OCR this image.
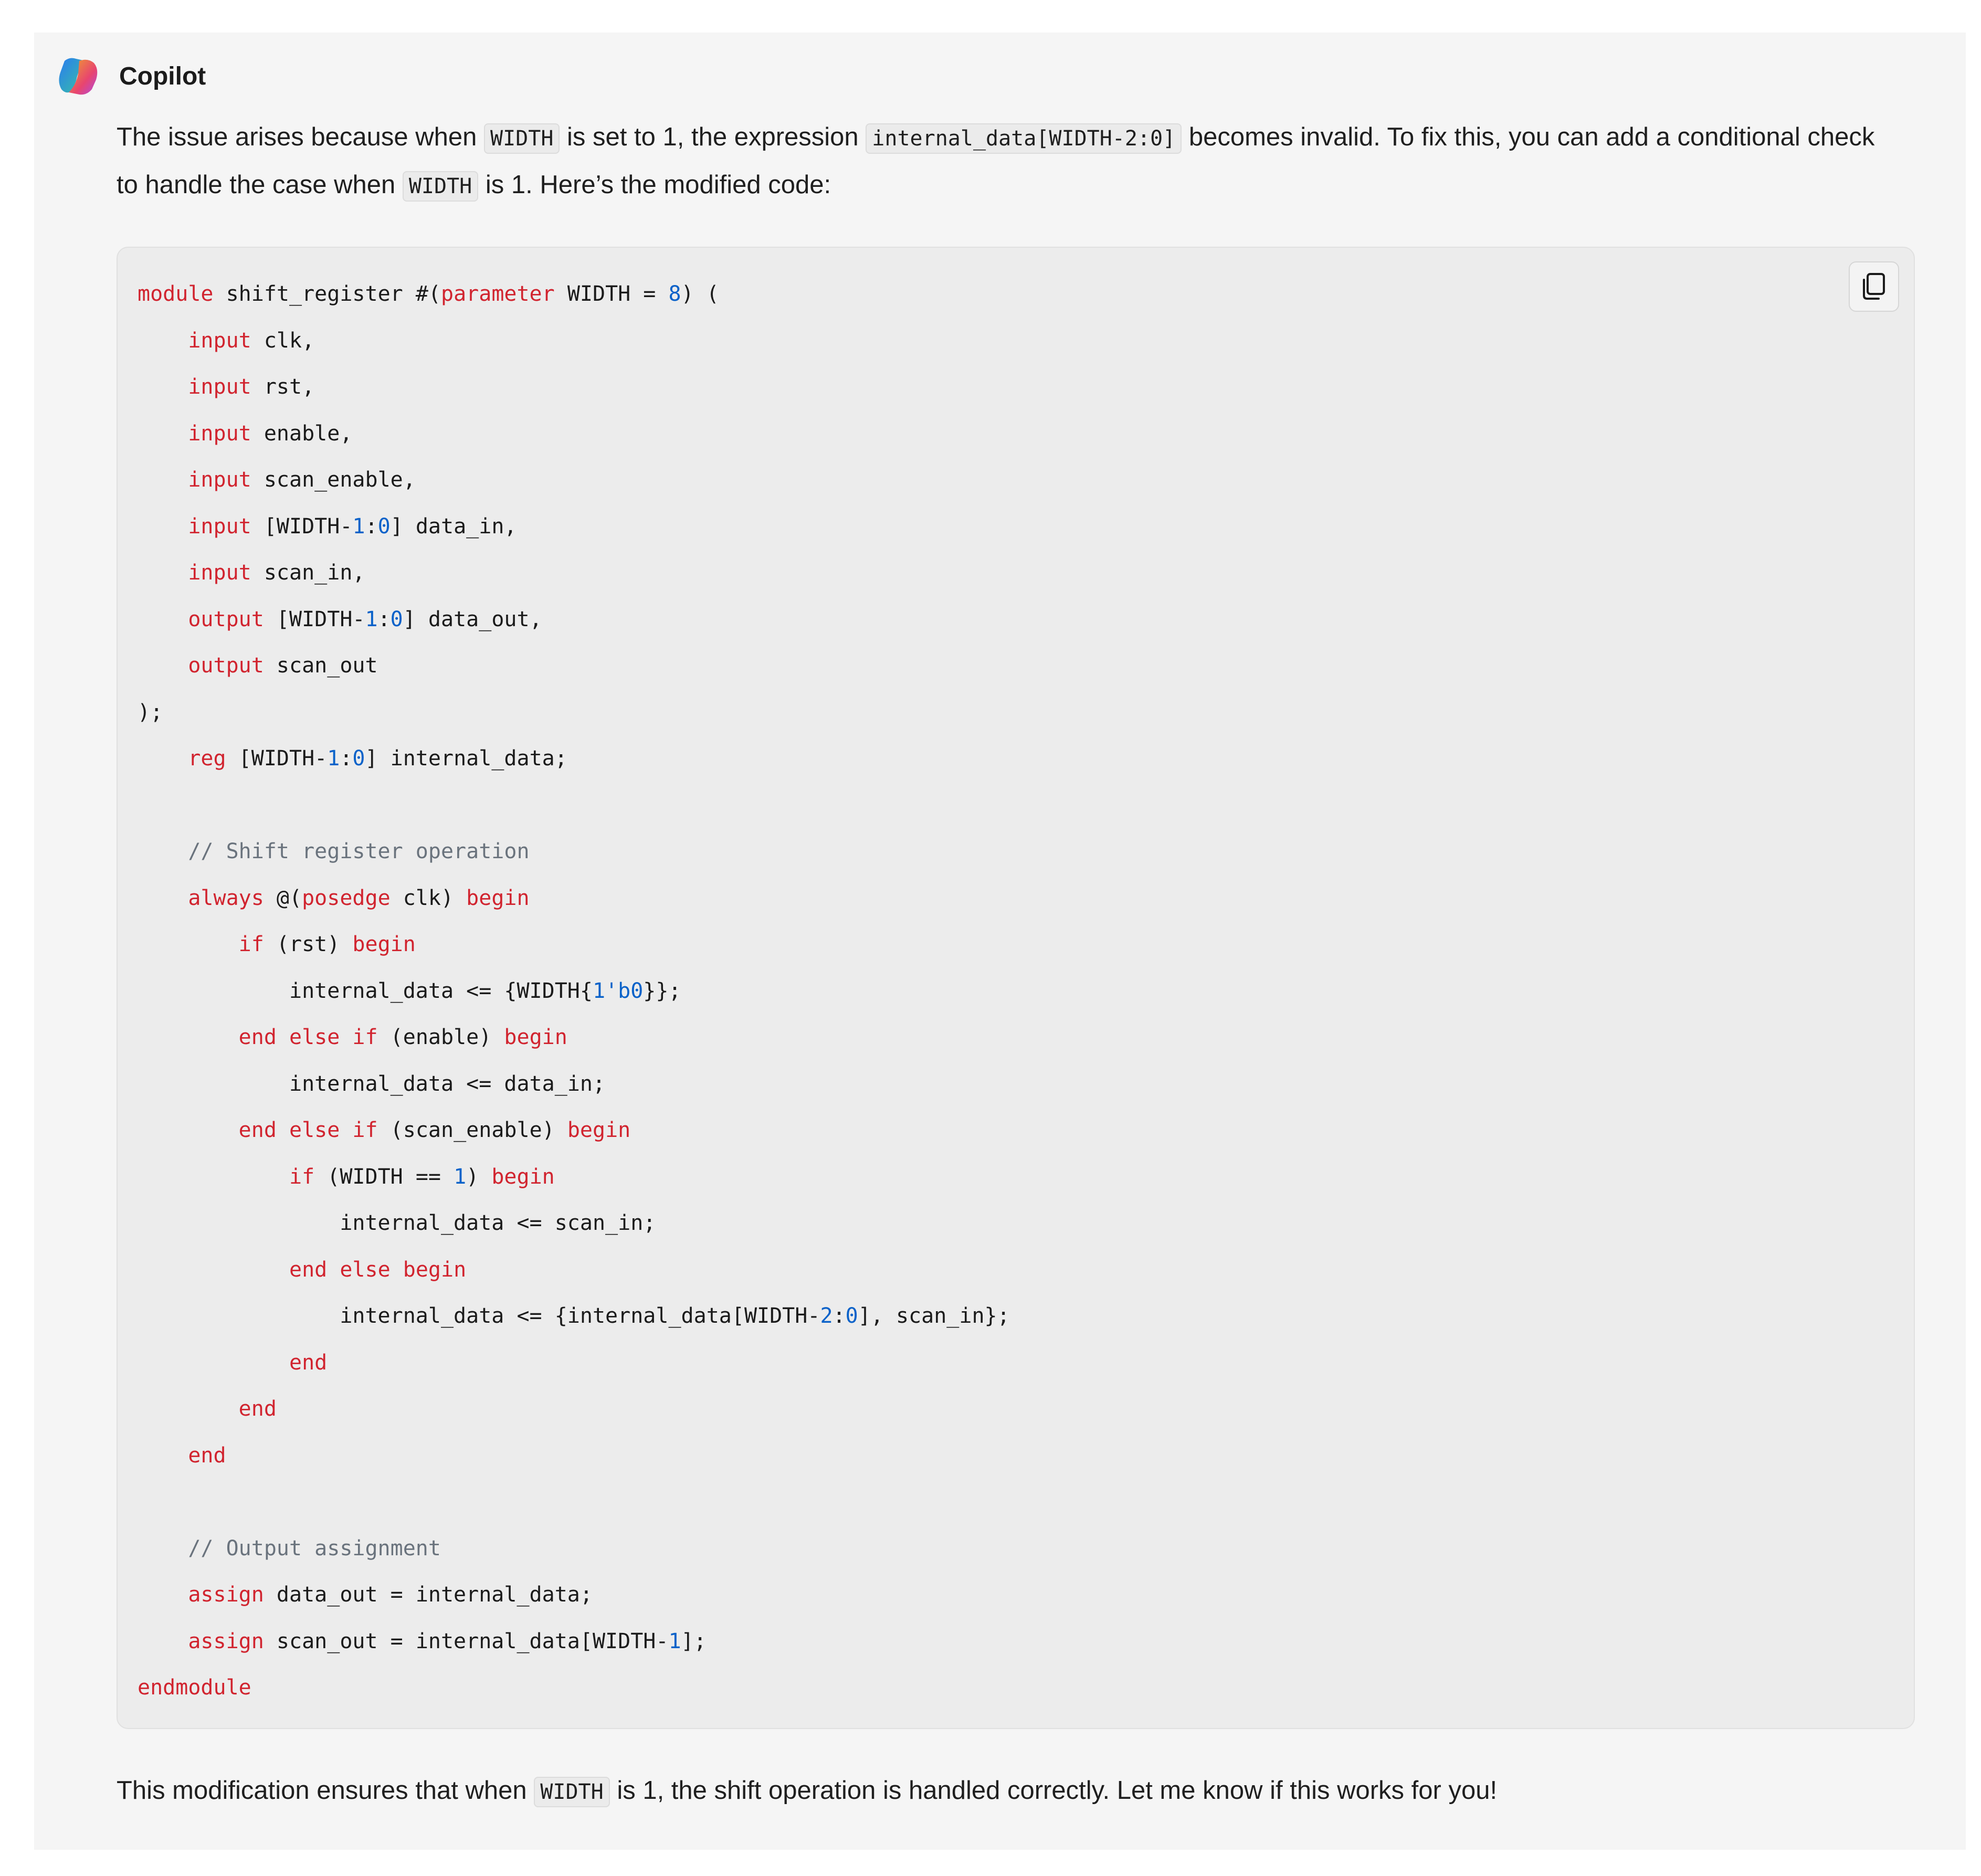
Copilot
The issue arises because when WIDTH is set to 1, the expression internal_data[WIDTH-2:0] becomes invalid. To fix this, you can add a conditional check to handle the case when WIDTH is 1. Here’s the modified code:
module shift_register #(parameter WIDTH = 8) (
input clk,
input rst,
input enable,
input scan_enable,
input [WIDTH-1:0] data_in,
input scan_in,
output [WIDTH-1:0] data_out,
output scan_out
);
reg [WIDTH-1:0] internal_data;
// Shift register operation
always @(posedge clk) begin
if (rst) begin
internal_data <= {WIDTH{1'b0}};
end else if (enable) begin
internal_data <= data_in;
end else if (scan_enable) begin
if (WIDTH == 1) begin
internal_data <= scan_in;
end else begin
internal_data <= {internal_data[WIDTH-2:0], scan_in};
end
end
end
// Output assignment
assign data_out = internal_data;
assign scan_out = internal_data[WIDTH-1];
endmodule
This modification ensures that when WIDTH is 1, the shift operation is handled correctly. Let me know if this works for you!
